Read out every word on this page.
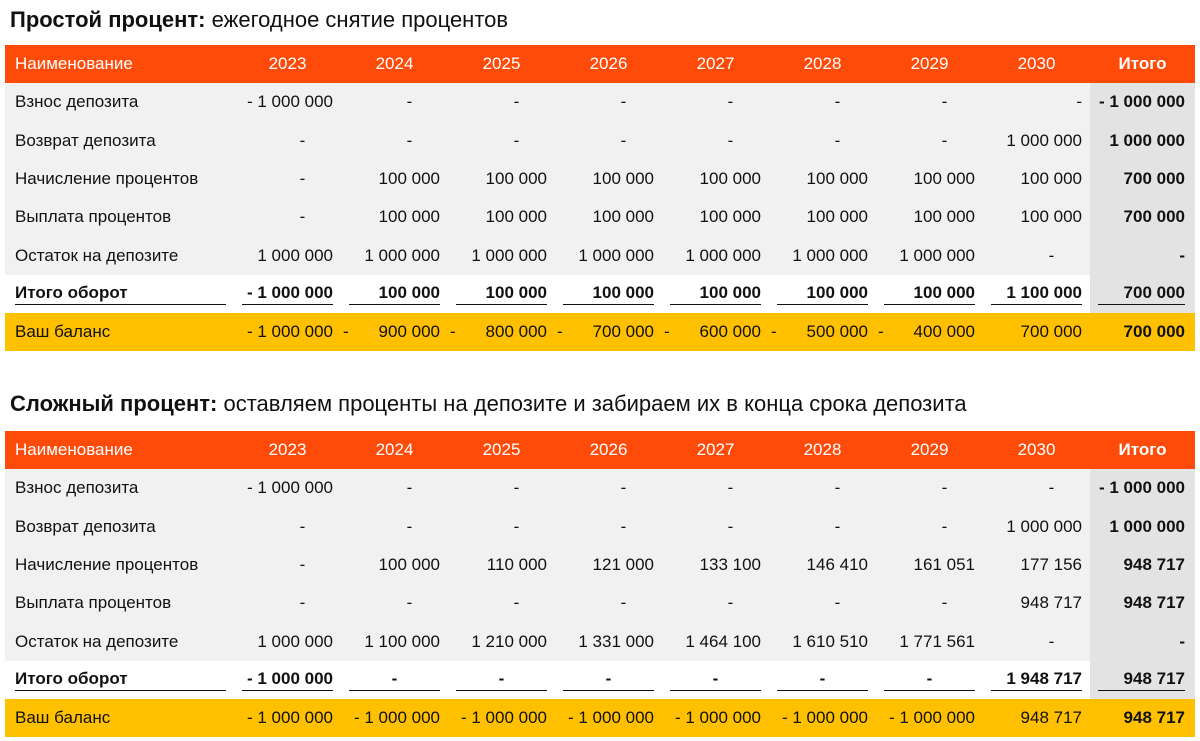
Простой процент: ежегодное снятие процентов
Наименование	2023	2024	2025	2026	2027	2028	2029	2030	Итого
Взнос депозита	- 1 000 000	-	-	-	-	-	-	-	- 1 000 000
Возврат депозита	-	-	-	-	-	-	-	1 000 000	1 000 000
Начисление процентов	-	100 000	100 000	100 000	100 000	100 000	100 000	100 000	700 000
Выплата процентов	-	100 000	100 000	100 000	100 000	100 000	100 000	100 000	700 000
Остаток на депозите	1 000 000	1 000 000	1 000 000	1 000 000	1 000 000	1 000 000	1 000 000	-	-

Итого оборот	- 1 000 000	100 000	100 000	100 000	100 000	100 000	100 000	1 100 000	700 000

Ваш баланс	- 1 000 000	- 900 000	- 800 000	- 700 000	- 600 000	- 500 000	- 400 000	700 000	700 000
Сложный процент: оставляем проценты на депозите и забираем их в конца срока депозита
Наименование	2023	2024	2025	2026	2027	2028	2029	2030	Итого
Взнос депозита	- 1 000 000	-	-	-	-	-	-	-	- 1 000 000
Возврат депозита	-	-	-	-	-	-	-	1 000 000	1 000 000
Начисление процентов	-	100 000	110 000	121 000	133 100	146 410	161 051	177 156	948 717
Выплата процентов	-	-	-	-	-	-	-	948 717	948 717
Остаток на депозите	1 000 000	1 100 000	1 210 000	1 331 000	1 464 100	1 610 510	1 771 561	-	-

Итого оборот	- 1 000 000	-	-	-	-	-	-	1 948 717	948 717

Ваш баланс	- 1 000 000	- 1 000 000	- 1 000 000	- 1 000 000	- 1 000 000	- 1 000 000	- 1 000 000	948 717	948 717
